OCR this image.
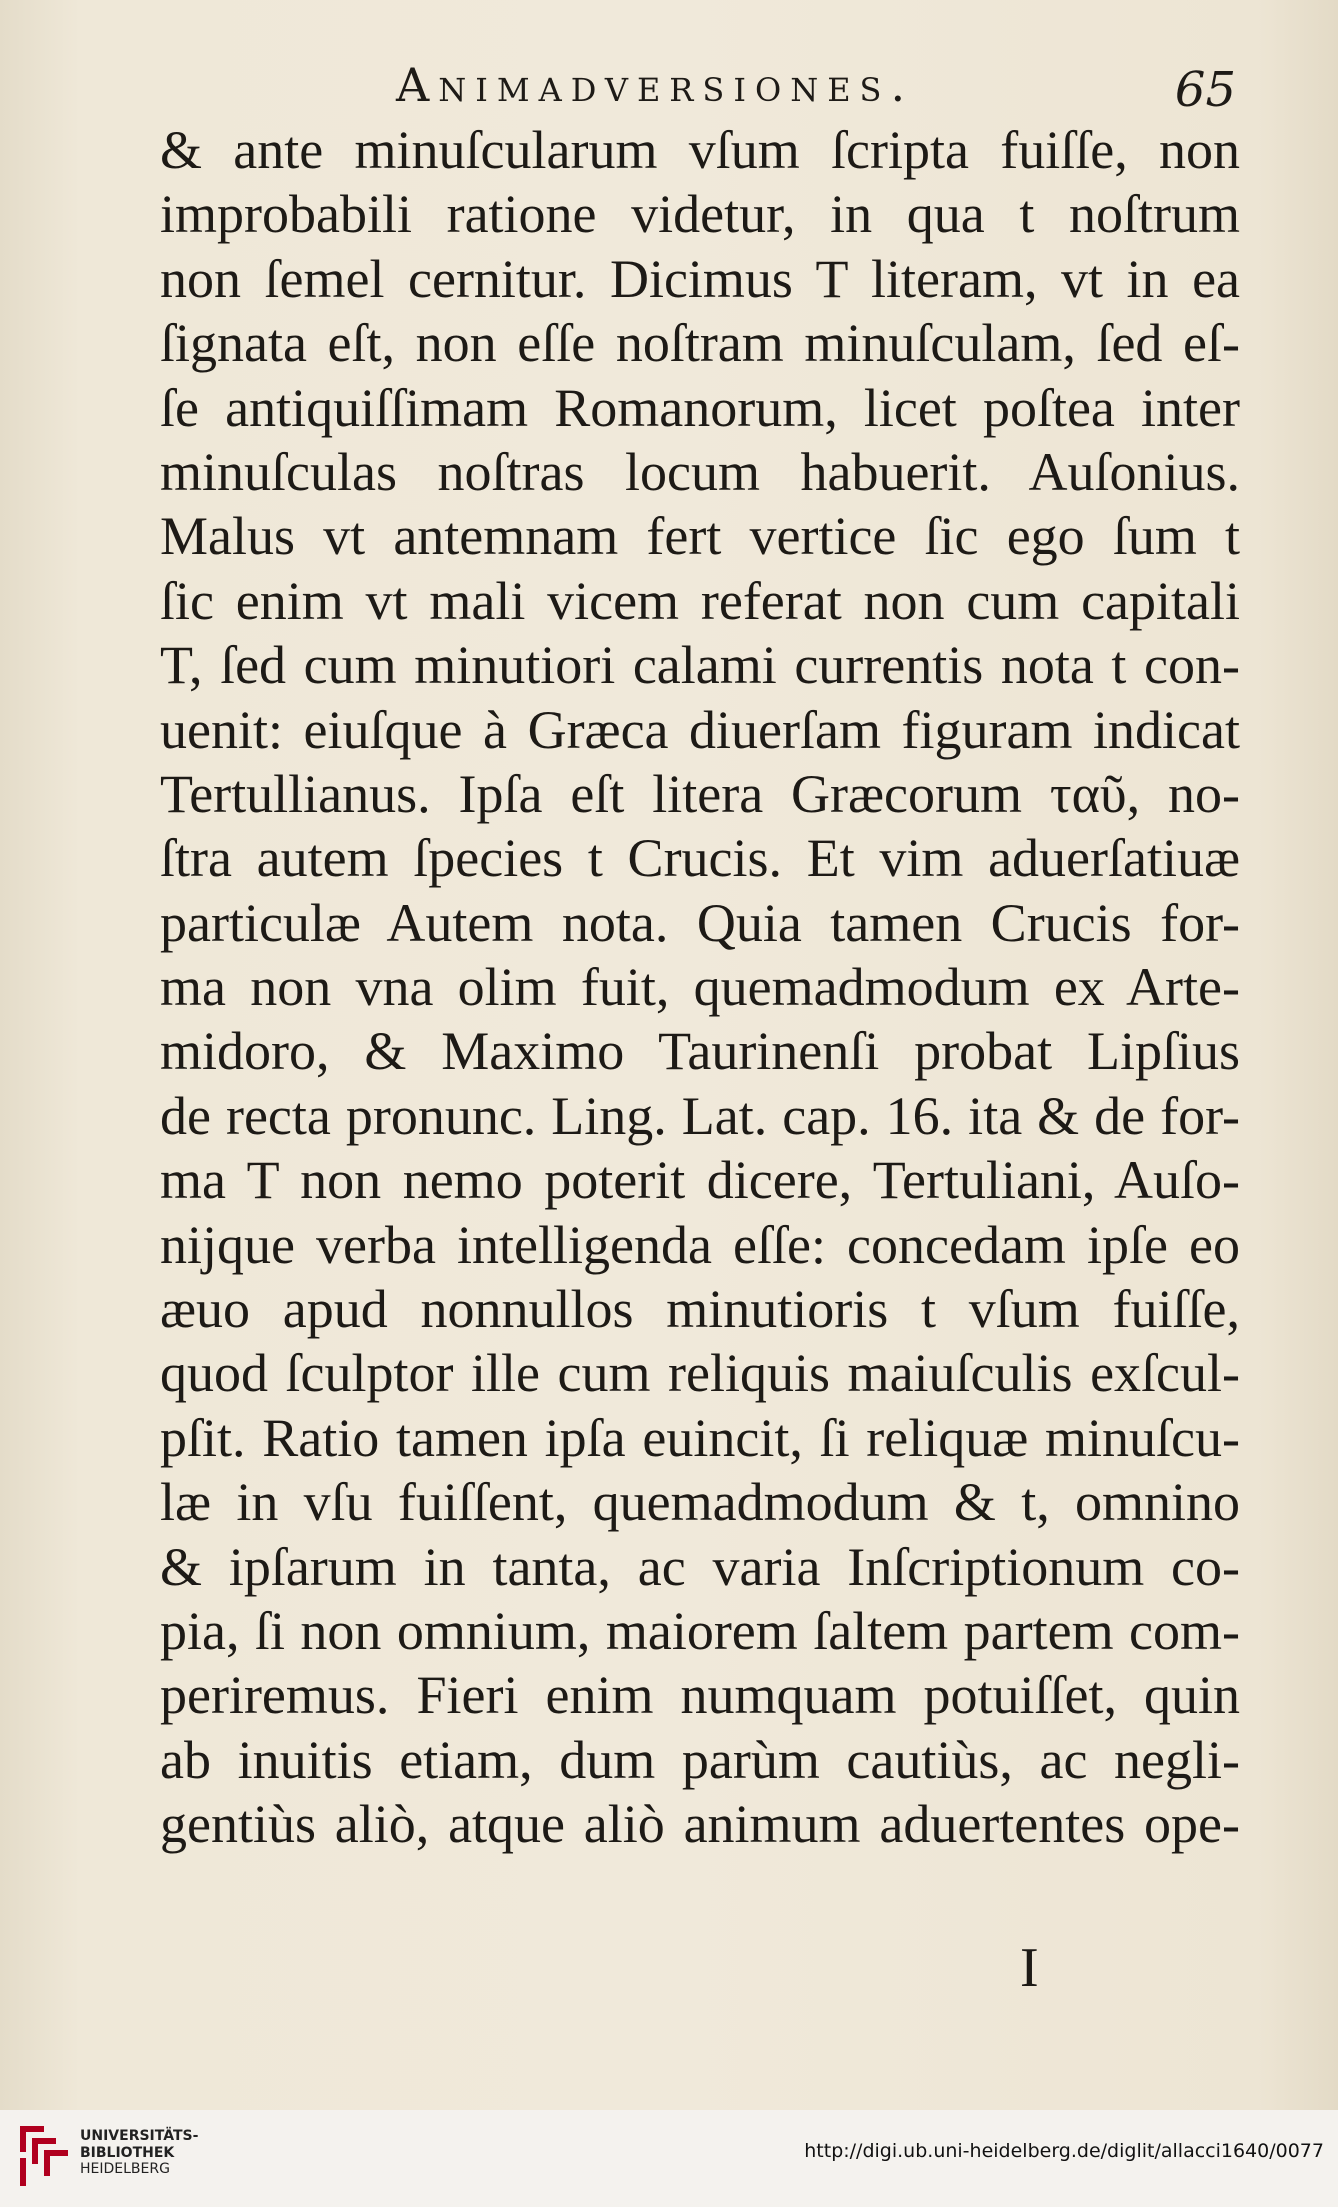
Animadversiones.	65
& ante minuſcularum vſum ſcripta fuiſſe, non
improbabili ratione videtur, in qua t noſtrum
non ſemel cernitur. Dicimus T literam, vt in ea
ſignata eſt, non eſſe noſtram minuſculam, ſed eſ-
ſe antiquiſſimam Romanorum, licet poſtea inter
minuſculas noſtras locum habuerit. Auſonius.
Malus vt antemnam fert vertice ſic ego ſum t
ſic enim vt mali vicem referat non cum capitali
T, ſed cum minutiori calami currentis nota t con-
uenit: eiuſque à Græca diuerſam figuram indicat
Tertullianus. Ipſa eſt litera Græcorum ταῦ, no-
ſtra autem ſpecies t Crucis. Et vim aduerſatiuæ
particulæ Autem nota. Quia tamen Crucis for-
ma non vna olim fuit, quemadmodum ex Arte-
midoro, & Maximo Taurinenſi probat Lipſius
de recta pronunc. Ling. Lat. cap. 16. ita & de for-
ma T non nemo poterit dicere, Tertuliani, Auſo-
nijque verba intelligenda eſſe: concedam ipſe eo
æuo apud nonnullos minutioris t vſum fuiſſe,
quod ſculptor ille cum reliquis maiuſculis exſcul-
pſit. Ratio tamen ipſa euincit, ſi reliquæ minuſcu-
læ in vſu fuiſſent, quemadmodum & t, omnino
& ipſarum in tanta, ac varia Inſcriptionum co-
pia, ſi non omnium, maiorem ſaltem partem com-
periremus. Fieri enim numquam potuiſſet, quin
ab inuitis etiam, dum parùm cautiùs, ac negli-
gentiùs aliò, atque aliò animum aduertentes ope-
I
UNIVERSITÄTS-
BIBLIOTHEK
HEIDELBERG
http://digi.ub.uni-heidelberg.de/diglit/allacci1640/0077
